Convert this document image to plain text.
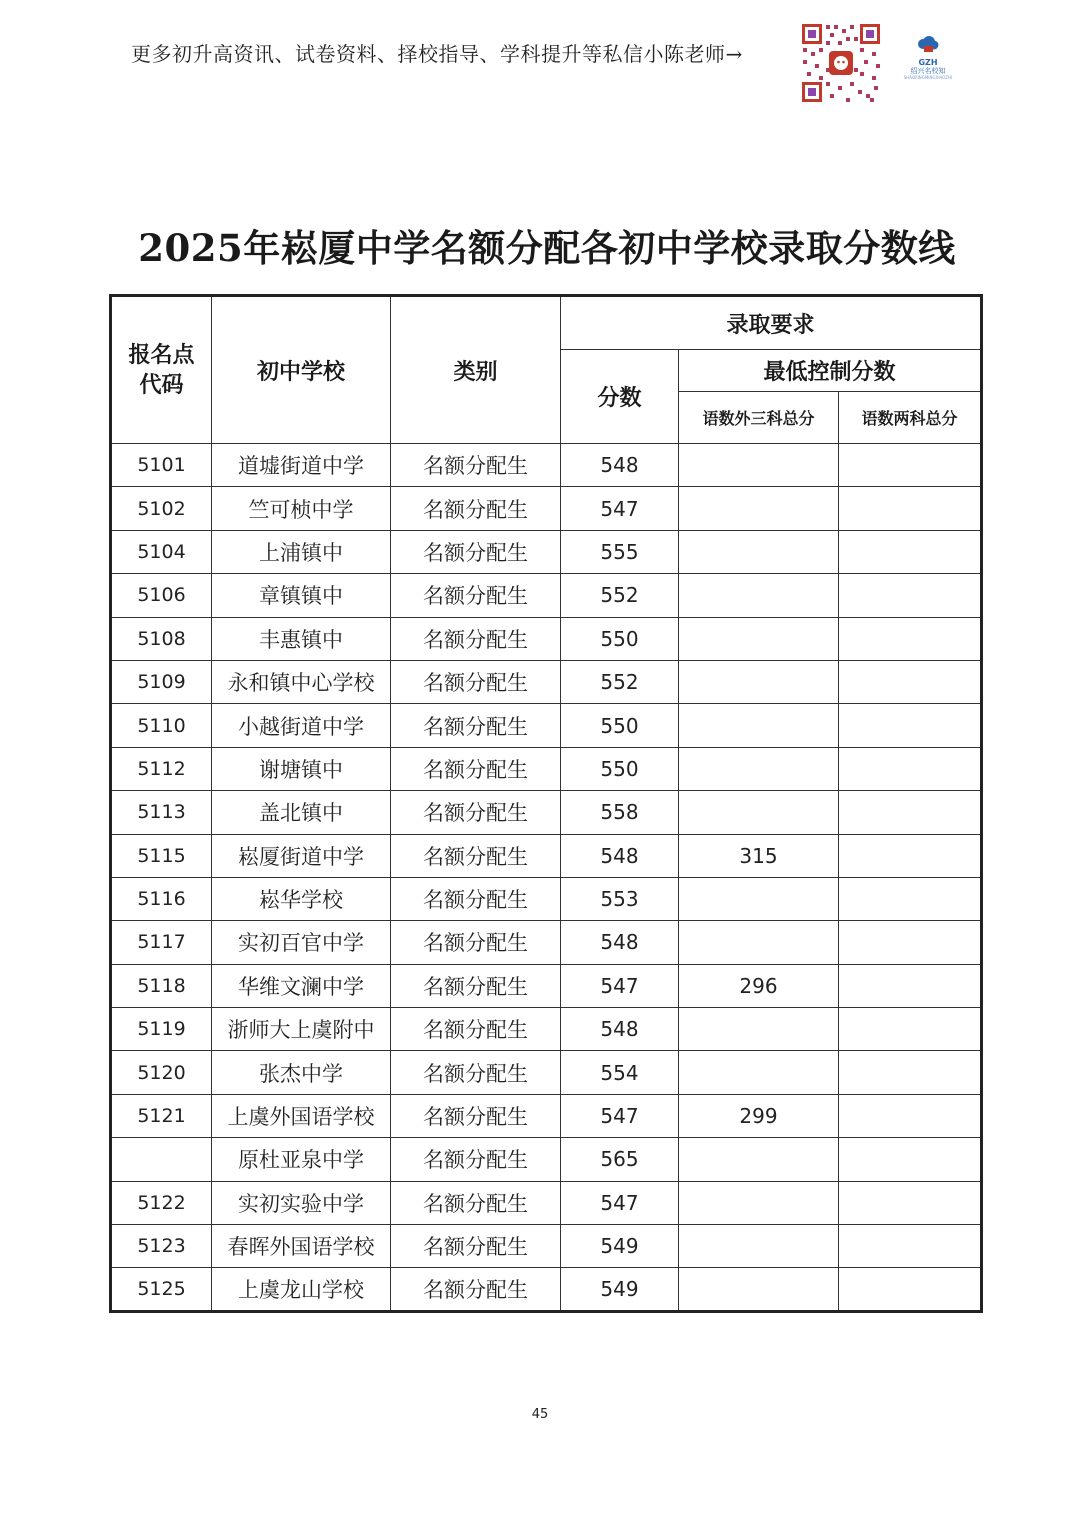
更多初升高资讯、试卷资料、择校指导、学科提升等私信小陈老师→	GZH
绍兴名校知
SHAOXINGMINGXIAOZHI
2025年崧厦中学名额分配各初中学校录取分数线
报名点
代码	初中学校	类别	录取要求		
			分数	最低控制分数	
				语数外三科总分	语数两科总分
5101	道墟街道中学	名额分配生	548		
5102	竺可桢中学	名额分配生	547		
5104	上浦镇中	名额分配生	555		
5106	章镇镇中	名额分配生	552		
5108	丰惠镇中	名额分配生	550		
5109	永和镇中心学校	名额分配生	552		
5110	小越街道中学	名额分配生	550		
5112	谢塘镇中	名额分配生	550		
5113	盖北镇中	名额分配生	558		
5115	崧厦街道中学	名额分配生	548	315	
5116	崧华学校	名额分配生	553		
5117	实初百官中学	名额分配生	548		
5118	华维文澜中学	名额分配生	547	296	
5119	浙师大上虞附中	名额分配生	548		
5120	张杰中学	名额分配生	554		
5121	上虞外国语学校	名额分配生	547	299	
	原杜亚泉中学	名额分配生	565		
5122	实初实验中学	名额分配生	547		
5123	春晖外国语学校	名额分配生	549		
5125	上虞龙山学校	名额分配生	549		
45
